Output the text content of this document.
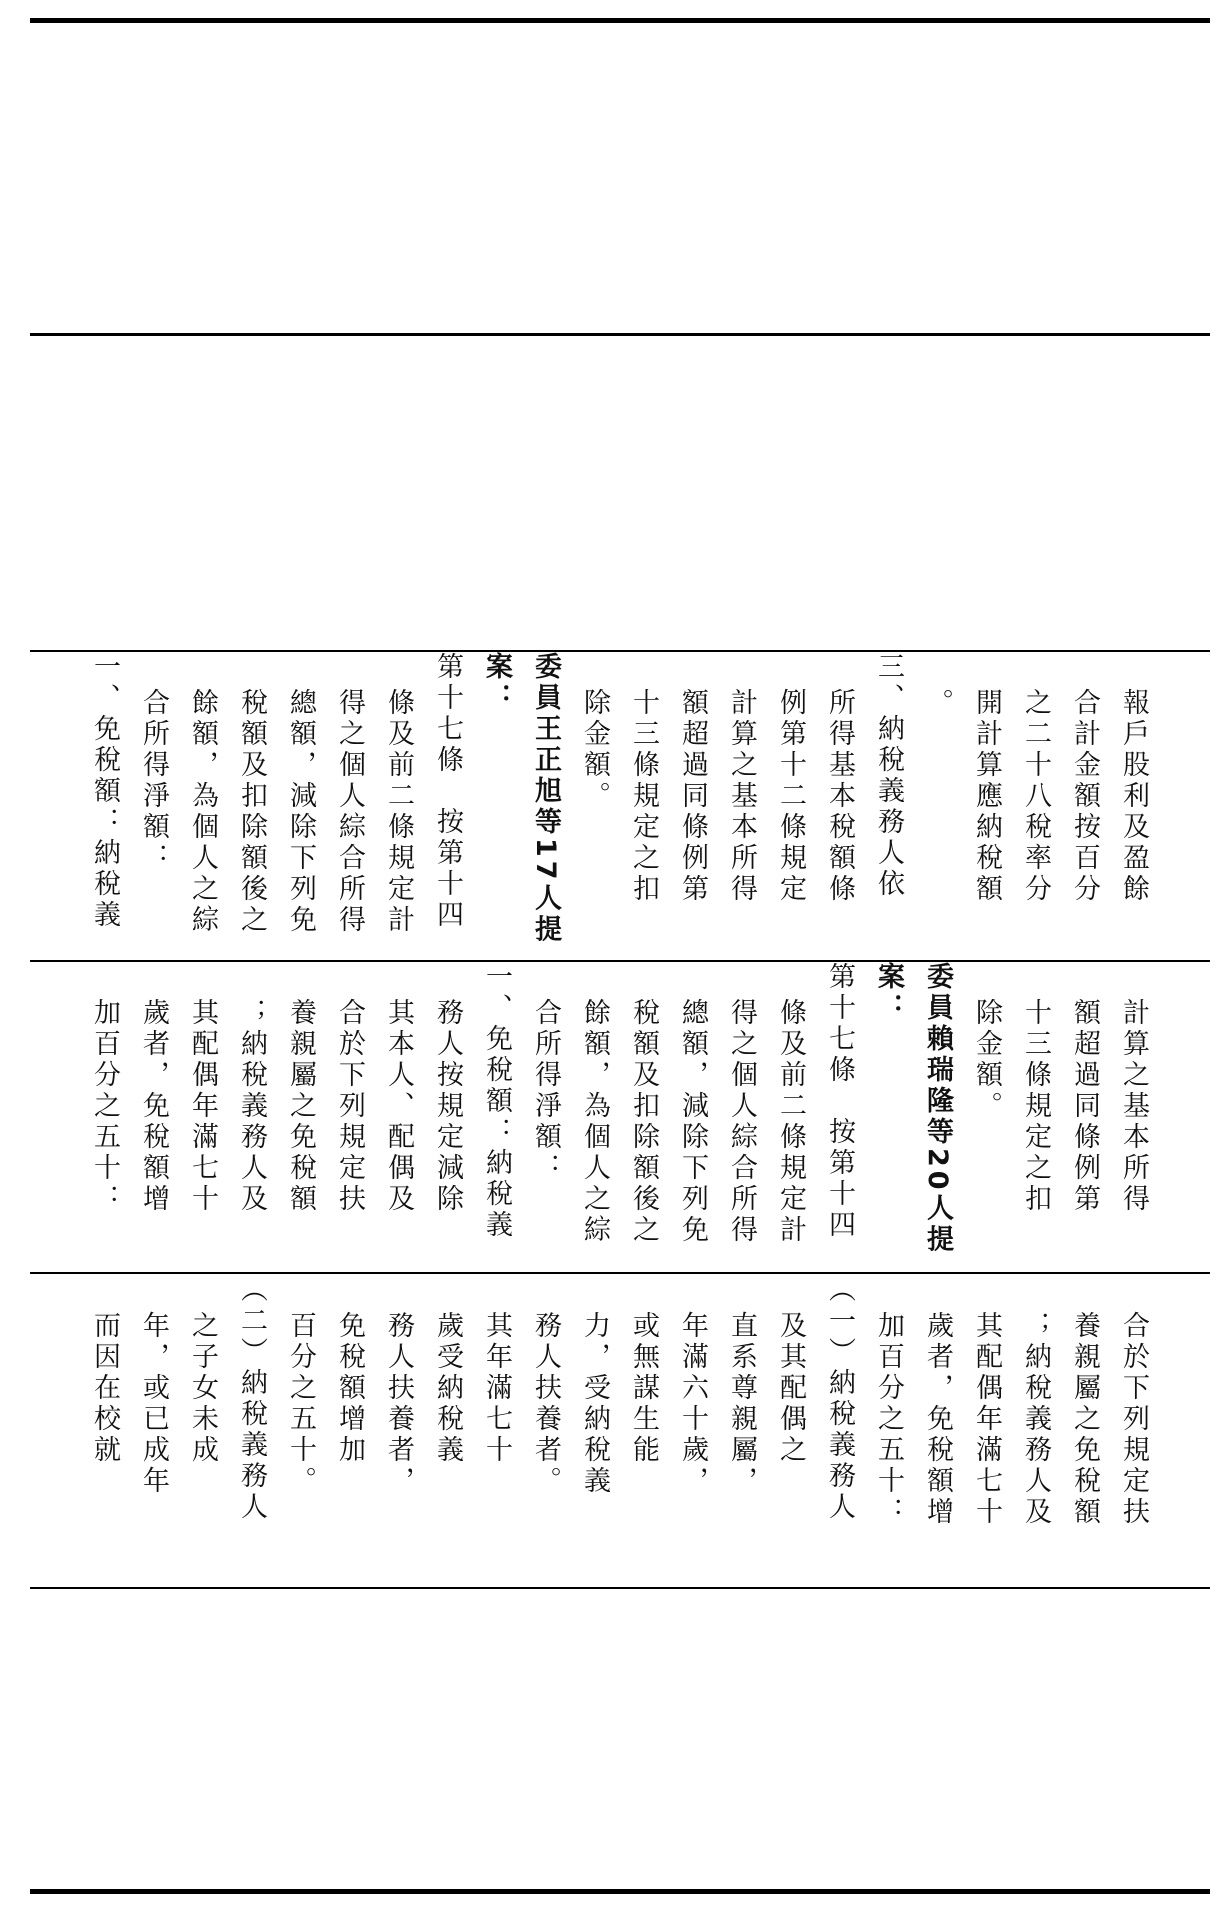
報戶股利及盈餘

合計金額按百分

之二十八稅率分

開計算應納稅額

。

三、納稅義務人依

所得基本稅額條

例第十二條規定

計算之基本所得

額超過同條例第

十三條規定之扣

除金額。

委員王正旭等17人提

案：

第十七條　按第十四

條及前二條規定計

得之個人綜合所得

總額，減除下列免

稅額及扣除額後之

餘額，為個人之綜

合所得淨額：

一、免稅額：納稅義

計算之基本所得

額超過同條例第

十三條規定之扣

除金額。

委員賴瑞隆等20人提

案：

第十七條　按第十四

條及前二條規定計

得之個人綜合所得

總額，減除下列免

稅額及扣除額後之

餘額，為個人之綜

合所得淨額：

一、免稅額：納稅義

務人按規定減除

其本人、配偶及

合於下列規定扶

養親屬之免稅額

；納稅義務人及

其配偶年滿七十

歲者，免稅額增

加百分之五十：

合於下列規定扶

養親屬之免稅額

；納稅義務人及

其配偶年滿七十

歲者，免稅額增

加百分之五十：

（一）納稅義務人

及其配偶之

直系尊親屬，

年滿六十歲，

或無謀生能

力，受納稅義

務人扶養者。

其年滿七十

歲受納稅義

務人扶養者，

免稅額增加

百分之五十。

（二）納稅義務人

之子女未成

年，或已成年

而因在校就
